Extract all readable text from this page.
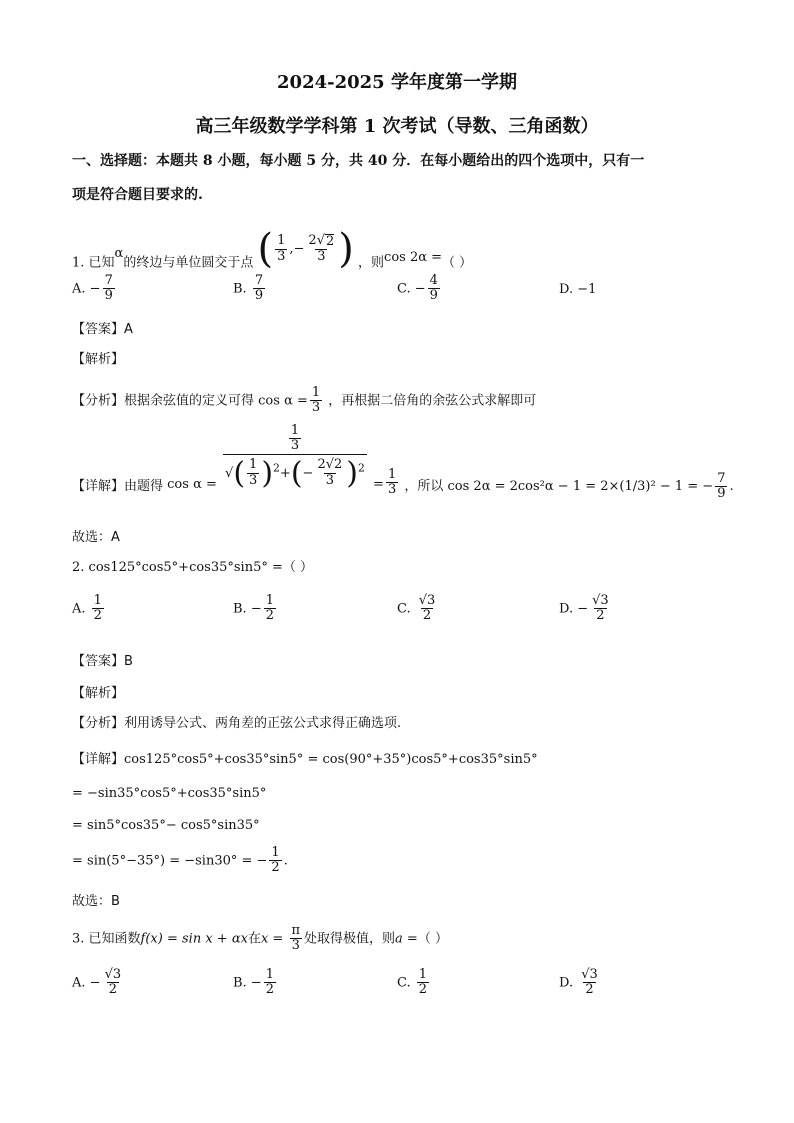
2024-2025 学年度第一学期
高三年级数学学科第 1 次考试（导数、三角函数）
一、选择题：本题共 8 小题，每小题 5 分，共 40 分．在每小题给出的四个选项中，只有一
项是符合题目要求的.
1. 已知α的终边与单位圆交于点 ( $\frac{1}{3}$ ,− 2
√ 2
3 ) ，则cos 2α =（ ）
A. − $\frac{7}{9}$	B. $\frac{7}{9}$	C. − $\frac{4}{9}$	D. −1
【答案】A
【解析】
【分析】根据余弦值的定义可得 $\cos \alpha = \frac{1}{3}$ ，再根据二倍角的余弦公式求解即可
【详解】由题得 $\cos \alpha = \frac{\frac{1}{3}}{√( \frac{1}{3} )^2+(- \frac{2√2}{3} )^2} = \frac{1}{3}$ ，所以 cos 2α = 2cos²α − 1 = 2×(1/3)² − 1 = − $\frac{7}{9}$ .
故选：A
2. cos125°cos5°+cos35°sin5° =（ ）
A. $\frac{1}{2}$	B. − $\frac{1}{2}$	C. $\frac{√3}{2}$	D. − $\frac{√3}{2}$
【答案】B
【解析】
【分析】利用诱导公式、两角差的正弦公式求得正确选项.
【详解】cos125°cos5°+cos35°sin5° = cos(90°+35°)cos5°+cos35°sin5°
= −sin35°cos5°+cos35°sin5°
= sin5°cos35°− cos5°sin35°
= sin(5°−35°) = −sin30° = − $\frac{1}{2}$ .
故选：B
3. 已知函数f(x) = sin x + αx在$x = \frac{\pi}{3}$ 处取得极值，则a =（ ）
A. − $\frac{√3}{2}$	B. − $\frac{1}{2}$	C. $\frac{1}{2}$	D. $\frac{√3}{2}$
